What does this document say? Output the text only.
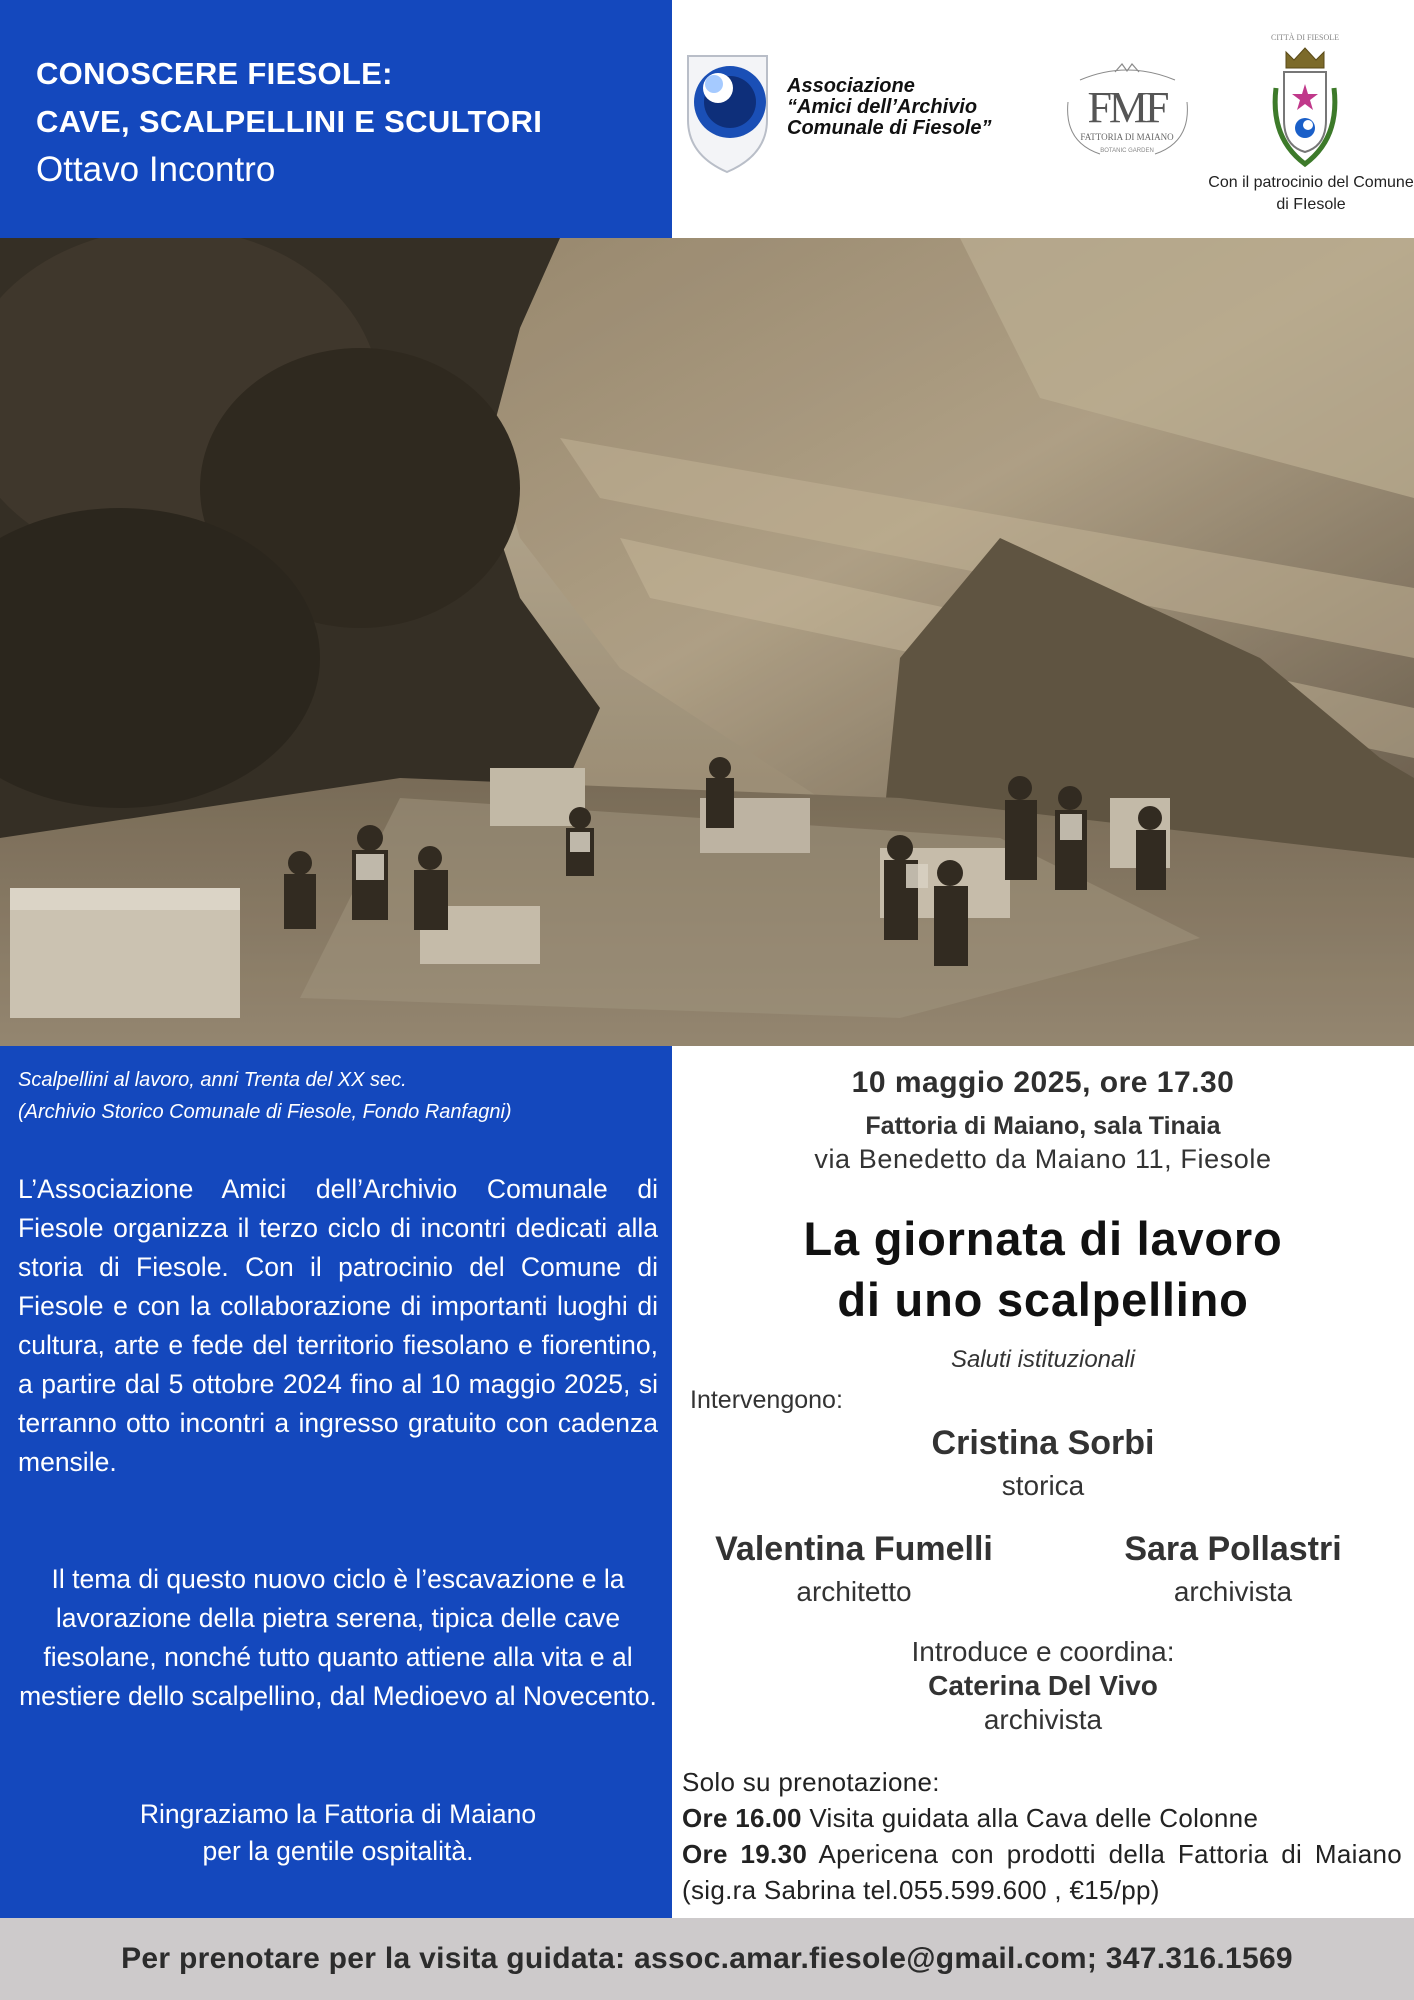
CONOSCERE FIESOLE:
CAVE, SCALPELLINI E SCULTORI
Ottavo Incontro
Associazione
“Amici dell’Archivio
Comunale di Fiesole” FMF
FATTORIA DI MAIANO
BOTANIC GARDEN
CITTÀ DI FIESOLE
Con il patrocinio del Comune di FIesole
Scalpellini al lavoro, anni Trenta del XX sec.
(Archivio Storico Comunale di Fiesole, Fondo Ranfagni)

L’Associazione Amici dell’Archivio Comunale di Fiesole organizza il terzo ciclo di incontri dedicati alla storia di Fiesole. Con il patrocinio del Comune di Fiesole e con la collaborazione di importanti luoghi di cultura, arte e fede del territorio fiesolano e fiorentino, a partire dal 5 ottobre 2024 fino al 10 maggio 2025, si terranno otto incontri a ingresso gratuito con cadenza mensile.

Il tema di questo nuovo ciclo è l’escavazione e la lavorazione della pietra serena, tipica delle cave fiesolane, nonché tutto quanto attiene alla vita e al mestiere dello scalpellino, dal Medioevo al Novecento.

Ringraziamo la Fattoria di Maiano
per la gentile ospitalità.

10 maggio 2025, ore 17.30
Fattoria di Maiano, sala Tinaia
via Benedetto da Maiano 11, Fiesole
La giornata di lavoro
di uno scalpellino
Saluti istituzionali
Intervengono:
Cristina Sorbi
storica
Valentina Fumelli
architetto
Sara Pollastri
archivista
Introduce e coordina:
Caterina Del Vivo
archivista
Solo su prenotazione:
Ore 16.00 Visita guidata alla Cava delle Colonne
Ore 19.30 Apericena con prodotti della Fattoria di Maiano (sig.ra Sabrina tel.055.599.600 , €15/pp)
Per prenotare per la visita guidata: assoc.amar.fiesole@gmail.com; 347.316.1569
